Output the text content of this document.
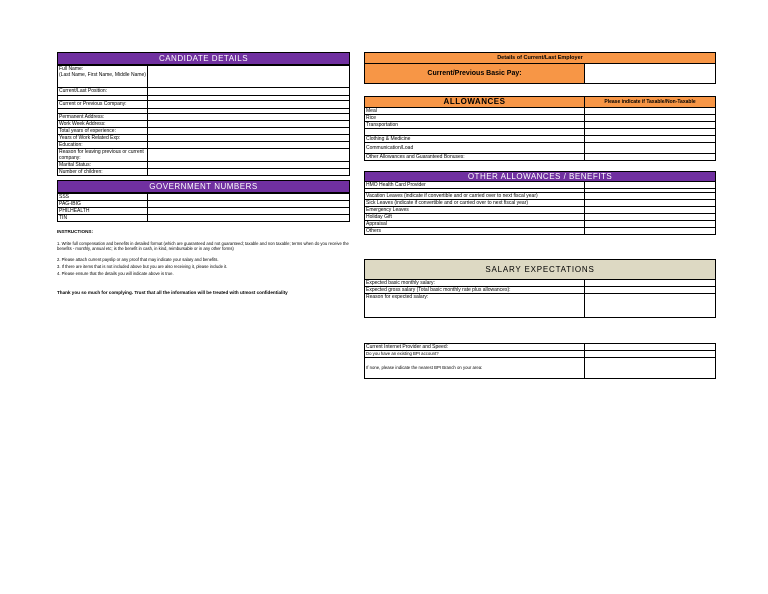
CANDIDATE DETAILS
Full Name:
(Last Name, First Name, Middle Name)	
Current/Last Position:	

Current or Previous Company:	

Permanent Address:	
Work Week Address:	
Total years of experience:	
Years of Work Related Exp:	
Education:	
Reason for leaving previous or current company:	
Marital Status:	
Number of children:	
GOVERNMENT NUMBERS
SSS	
PAG-IBIG	
PHILHEALTH	
TIN	
INSTRUCTIONS:
1. Write full compensation and benefits in detailed format (which are guaranteed and not guaranteed; taxable and non taxable; terms when do you receive the benefits - monthly, annual etc; is the benefit in cash, in kind, reimbursable or in any other forms)
2. Please attach current payslip or any proof that may indicate your salary and benefits.
3. If there are items that is not included above but you are also receiving it, please include it.
4. Please ensure that the details you will indicate above is true.
Thank you so much for complying. Trust that all the information will be treated with utmost confidentiality
Details of Current/Last Employer
Current/Previous Basic Pay:	
ALLOWANCES	Please indicate if Taxable/Non-Taxable
Meal	
Rice	
Transportation	

Clothing & Medicine	
Communication/Load	
Other Allowances and Guaranteed Bonuses:	
OTHER ALLOWANCES / BENEFITS	
HMO Health Card Provider	

Vacation Leaves (indicate if convertible and or carried over to next fiscal year)	
Sick Leaves (indicate if convertible and or carried over to next fiscal year)	
Emergency Leaves	
Holiday Gift	
Appraisal	
Others	
SALARY EXPECTATIONS	
Expected basic monthly salary:	
Expected gross salary (Total basic monthly rate plus allowances):	
Reason for expected salary:	
Current Internet Provider and Speed:	
Do you have an existing BPI account?	
If none, please indicate the nearest BPI Branch on your area:	
